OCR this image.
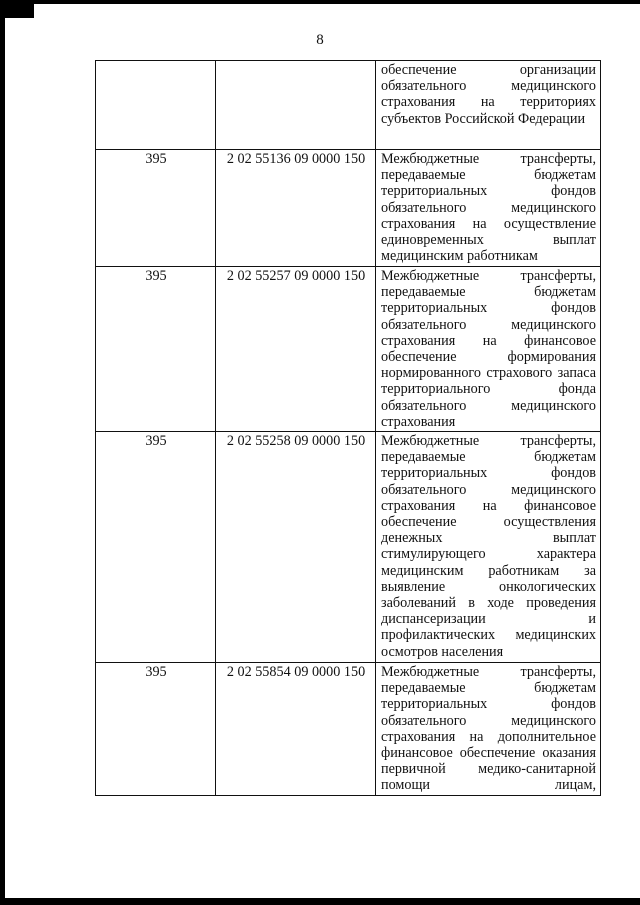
8
		обеспечение организации обязательного медицинского страхования на территориях субъектов Российской Федерации
395	2 02 55136 09 0000 150	Межбюджетные трансферты, передаваемые бюджетам территориальных фондов обязательного медицинского страхования на осуществление единовременных выплат медицинским работникам
395	2 02 55257 09 0000 150	Межбюджетные трансферты, передаваемые бюджетам территориальных фондов обязательного медицинского страхования на финансовое обеспечение формирования нормированного страхового запаса территориального фонда обязательного медицинского страхования
395	2 02 55258 09 0000 150	Межбюджетные трансферты, передаваемые бюджетам территориальных фондов обязательного медицинского страхования на финансовое обеспечение осуществления денежных выплат стимулирующего характера медицинским работникам за выявление онкологических заболеваний в ходе проведения диспансеризации и профилактических медицинских осмотров населения
395	2 02 55854 09 0000 150	Межбюджетные трансферты, передаваемые бюджетам территориальных фондов обязательного медицинского страхования на дополнительное финансовое обеспечение оказания первичной медико-санитарной помощи лицам,
